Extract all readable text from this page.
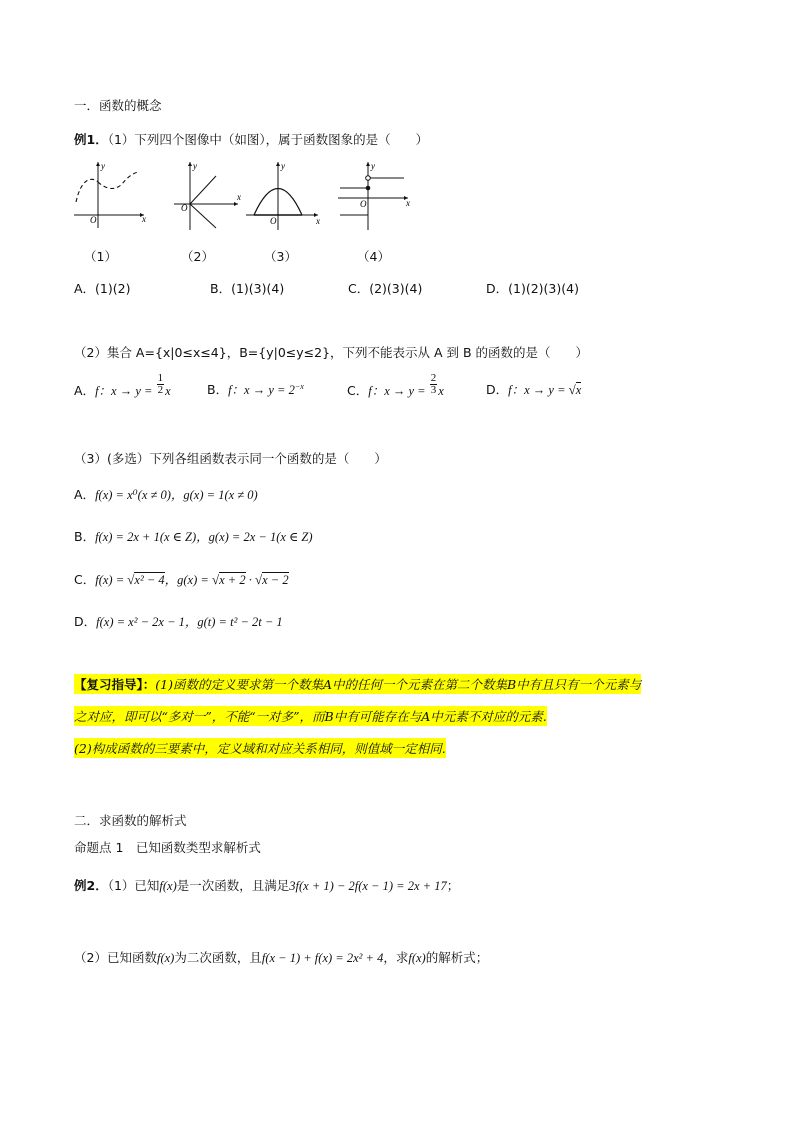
一．函数的概念
例1．（1）下列四个图像中（如图），属于函数图象的是（　　）
y
x
O
y
x
O
y
x
O
y
x
O
（1）	（2）	（3）	（4）
A．(1)(2)	B．(1)(3)(4)	C．(2)(3)(4)	D．(1)(2)(3)(4)
（2）集合 A={x|0≤x≤4}，B={y|0≤y≤2}，下列不能表示从 A 到 B 的函数的是（　　）
A．f：$x \to y = \frac{1}{2}$ x	B．f：$x \to y = 2^{-x}$	C．f：$x \to y = \frac{2}{3}$ x	D．f：x → y = √x
（3）(多选）下列各组函数表示同一个函数的是（　　）
A．f(x) = x⁰(x ≠ 0)，g(x) = 1(x ≠ 0)
B．f(x) = 2x + 1(x ∈ Z)，g(x) = 2x − 1(x ∈ Z)
C．f(x) = √x² − 4，g(x) = √x + 2 · √x − 2
D．f(x) = x² − 2x − 1，g(t) = t² − 2t − 1
【复习指导】：(1)函数的定义要求第一个数集A中的任何一个元素在第二个数集B中有且只有一个元素与
之对应，即可以“多对一”，不能“一对多”，而B中有可能存在与A中元素不对应的元素.
(2)构成函数的三要素中，定义域和对应关系相同，则值域一定相同.
二．求函数的解析式
命题点 1　已知函数类型求解析式
例2．（1）已知f(x)是一次函数，且满足3f(x + 1) − 2f(x − 1) = 2x + 17；
（2）已知函数f(x)为二次函数，且f(x − 1) + f(x) = 2x² + 4，求f(x)的解析式；
